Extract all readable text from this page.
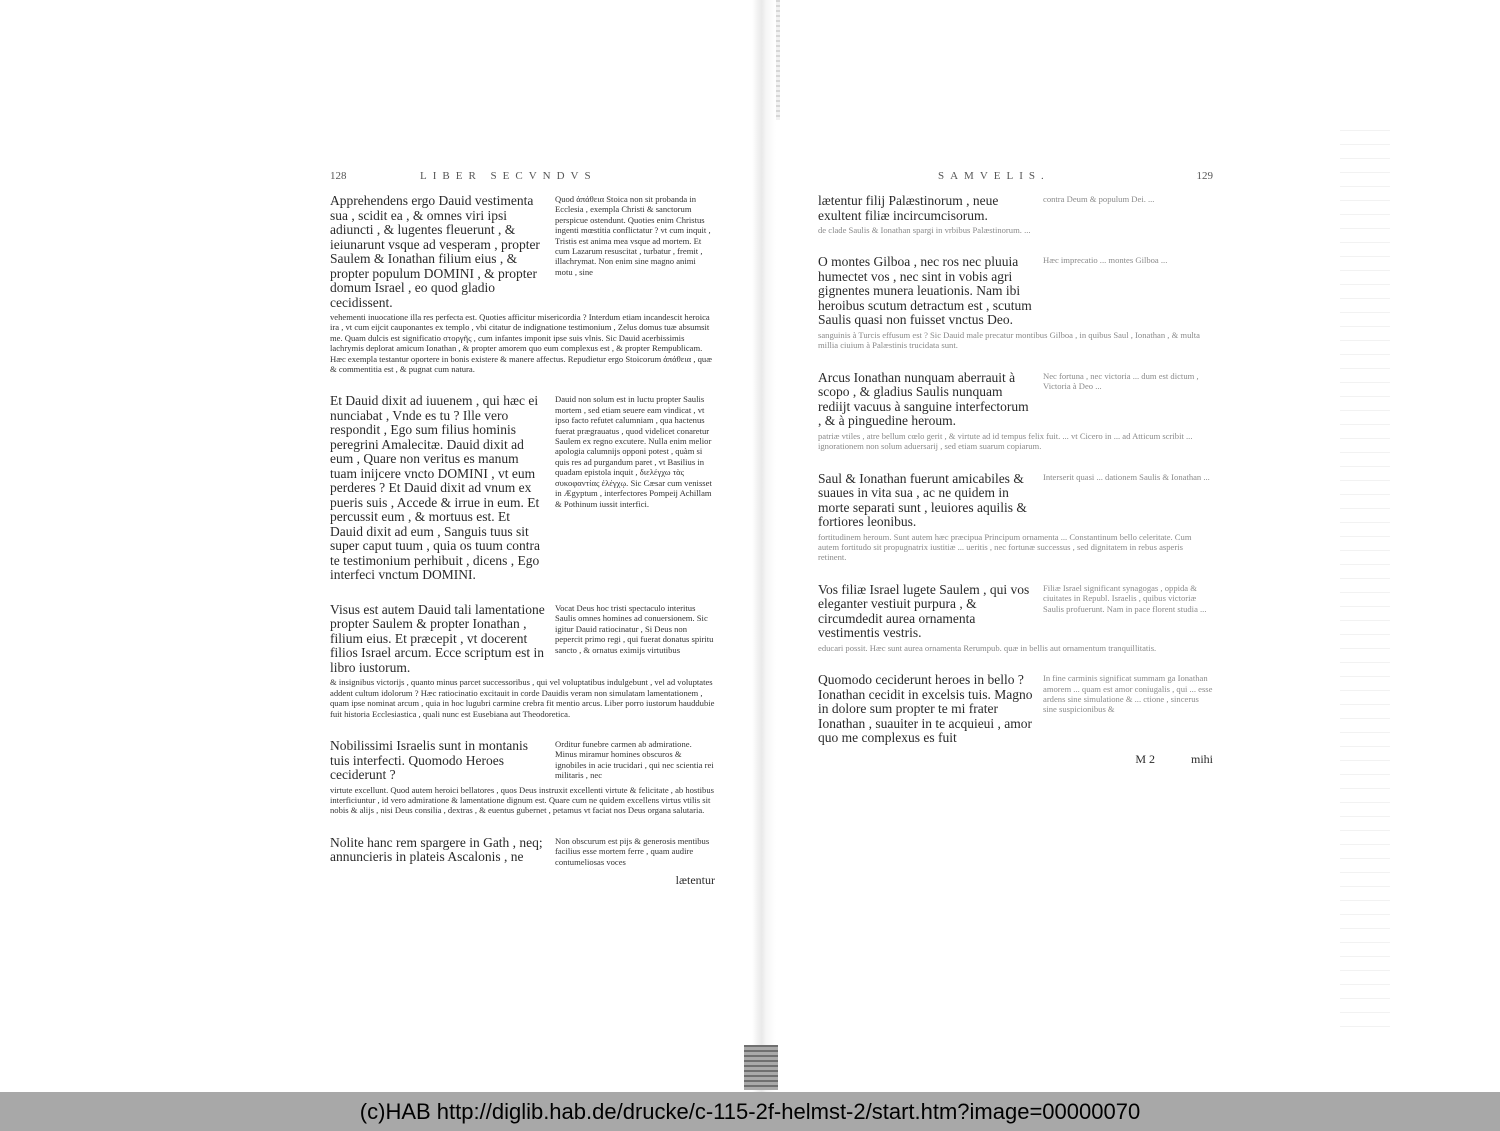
128	LIBER SECVNDVS
Apprehendens ergo Dauid vestimenta sua , scidit ea , & omnes viri ipsi adiuncti , & lugentes fleuerunt , & ieiunarunt vsque ad vesperam , propter Saulem & Ionathan filium eius , & propter populum DOMINI , & propter domum Israel , eo quod gladio cecidissent.
Quod ἀπάθεια Stoica non sit probanda in Ecclesia , exempla Christi & sanctorum perspicue ostendunt. Quoties enim Christus ingenti mœstitia conflictatur ? vt cum inquit , Tristis est anima mea vsque ad mortem. Et cum Lazarum resuscitat , turbatur , fremit , illachrymat. Non enim sine magno animi motu , sine
vehementi inuocatione illa res perfecta est. Quoties afficitur misericordia ? Interdum etiam incandescit heroica ira , vt cum eijcit cauponantes ex templo , vbi citatur de indignatione testimonium , Zelus domus tuæ absumsit me. Quam dulcis est significatio στοργῆς , cum infantes imponit ipse suis vlnis. Sic Dauid acerbissimis lachrymis deplorat amicum Ionathan , & propter amorem quo eum complexus est , & propter Rempublicam. Hæc exempla testantur oportere in bonis existere & manere affectus. Repudietur ergo Stoicorum ἀπάθεια , quæ & commentitia est , & pugnat cum natura.
Et Dauid dixit ad iuuenem , qui hæc ei nunciabat , Vnde es tu ? Ille vero respondit , Ego sum filius hominis peregrini Amalecitæ. Dauid dixit ad eum , Quare non veritus es manum tuam inijcere vncto DOMINI , vt eum perderes ? Et Dauid dixit ad vnum ex pueris suis , Accede & irrue in eum. Et percussit eum , & mortuus est. Et Dauid dixit ad eum , Sanguis tuus sit super caput tuum , quia os tuum contra te testimonium perhibuit , dicens , Ego interfeci vnctum DOMINI.
Dauid non solum est in luctu propter Saulis mortem , sed etiam seuere eam vindicat , vt ipso facto refutet calumniam , qua hactenus fuerat prægrauatus , quod videlicet conaretur Saulem ex regno excutere. Nulla enim melior apologia calumnijs opponi potest , quàm si quis res ad purgandum paret , vt Basilius in quadam epistola inquit , διελέγχω τὰς συκοφαντίας ἐλέγχῳ. Sic Cæsar cum venisset in Ægyptum , interfectores Pompeij Achillam & Pothinum iussit interfici.
Visus est autem Dauid tali lamentatione propter Saulem & propter Ionathan , filium eius. Et præcepit , vt docerent filios Israel arcum. Ecce scriptum est in libro iustorum.
Vocat Deus hoc tristi spectaculo interitus Saulis omnes homines ad conuersionem. Sic igitur Dauid ratiocinatur , Si Deus non pepercit primo regi , qui fuerat donatus spiritu sancto , & ornatus eximijs virtutibus
& insignibus victorijs , quanto minus parcet successoribus , qui vel voluptatibus indulgebunt , vel ad voluptates addent cultum idolorum ? Hæc ratiocinatio excitauit in corde Dauidis veram non simulatam lamentationem , quam ipse nominat arcum , quia in hoc lugubri carmine crebra fit mentio arcus. Liber porro iustorum hauddubie fuit historia Ecclesiastica , quali nunc est Eusebiana aut Theodoretica.
Nobilissimi Israelis sunt in montanis tuis interfecti. Quomodo Heroes ceciderunt ?
Orditur funebre carmen ab admiratione. Minus miramur homines obscuros & ignobiles in acie trucidari , qui nec scientia rei militaris , nec
virtute excellunt. Quod autem heroici bellatores , quos Deus instruxit excellenti virtute & felicitate , ab hostibus interficiuntur , id vero admiratione & lamentatione dignum est. Quare cum ne quidem excellens virtus vtilis sit nobis & alijs , nisi Deus consilia , dextras , & euentus gubernet , petamus vt faciat nos Deus organa salutaria.
Nolite hanc rem spargere in Gath , neq; annuncieris in plateis Ascalonis , ne
Non obscurum est pijs & generosis mentibus facilius esse mortem ferre , quam audire contumeliosas voces
lætentur
SAMVELIS.	129
lætentur filij Palæstinorum , neue exultent filiæ incircumcisorum.
contra Deum & populum Dei. ...
de clade Saulis & Ionathan spargi in vrbibus Palæstinorum. ...
O montes Gilboa , nec ros nec pluuia humectet vos , nec sint in vobis agri gignentes munera leuationis. Nam ibi heroibus scutum detractum est , scutum Saulis quasi non fuisset vnctus Deo.
Hæc imprecatio ... montes Gilboa ...
sanguinis à Turcis effusum est ? Sic Dauid male precatur montibus Gilboa , in quibus Saul , Ionathan , & multa millia ciuium à Palæstinis trucidata sunt.
Arcus Ionathan nunquam aberrauit à scopo , & gladius Saulis nunquam rediijt vacuus à sanguine interfectorum , & à pinguedine heroum.
Nec fortuna , nec victoria ... dum est dictum , Victoria à Deo ...
patriæ vtiles , atre bellum cœlo gerit , & virtute ad id tempus felix fuit. ... vt Cicero in ... ad Atticum scribit ... ignorationem non solum aduersarij , sed etiam suarum copiarum.
Saul & Ionathan fuerunt amicabiles & suaues in vita sua , ac ne quidem in morte separati sunt , leuiores aquilis & fortiores leonibus.
Interserit quasi ... dationem Saulis & Ionathan ...
fortitudinem heroum. Sunt autem hæc præcipua Principum ornamenta ... Constantinum bello celeritate. Cum autem fortitudo sit propugnatrix iustitiæ ... ueritis , nec fortunæ successus , sed dignitatem in rebus asperis retinent.
Vos filiæ Israel lugete Saulem , qui vos eleganter vestiuit purpura , & circumdedit aurea ornamenta vestimentis vestris.
Filiæ Israel significant synagogas , oppida & ciuitates in Republ. Israelis , quibus victoriæ Saulis profuerunt. Nam in pace florent studia ...
educari possit. Hæc sunt aurea ornamenta Rerumpub. quæ in bellis aut ornamentum tranquillitatis.
Quomodo ceciderunt heroes in bello ? Ionathan cecidit in excelsis tuis. Magno in dolore sum propter te mi frater Ionathan , suauiter in te acquieui , amor quo me complexus es fuit
In fine carminis significat summam ga Ionathan amorem ... quam est amor coniugalis , qui ... esse ardens sine simulatione & ... ctione , sincerus sine suspicionibus &
M 2	mihi
(c)HAB http://diglib.hab.de/drucke/c-115-2f-helmst-2/start.htm?image=00000070
